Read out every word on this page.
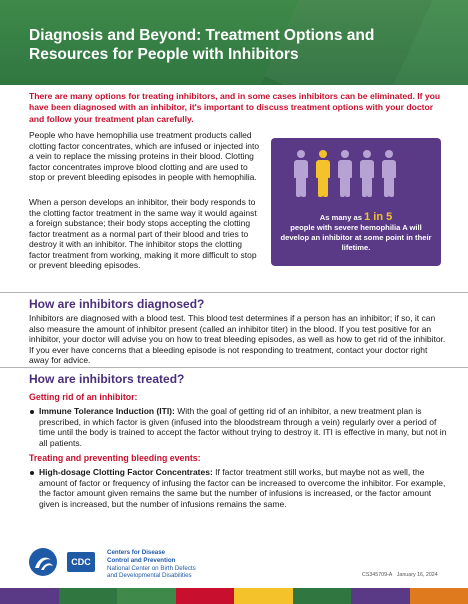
Diagnosis and Beyond: Treatment Options and Resources for People with Inhibitors

There are many options for treating inhibitors, and in some cases inhibitors can be eliminated. If you have been diagnosed with an inhibitor, it's important to discuss treatment options with your doctor and follow your treatment plan carefully.

People who have hemophilia use treatment products called clotting factor concentrates, which are infused or injected into a vein to replace the missing proteins in their blood. Clotting factor concentrates improve blood clotting and are used to stop or prevent bleeding episodes in people with hemophilia.

When a person develops an inhibitor, their body responds to the clotting factor treatment in the same way it would against a foreign substance; their body stops accepting the clotting factor treatment as a normal part of their blood and tries to destroy it with an inhibitor. The inhibitor stops the clotting factor treatment from working, making it more difficult to stop or prevent bleeding episodes.

As many as 1 in 5
people with severe hemophilia A will develop an inhibitor at some point in their lifetime.
How are inhibitors diagnosed?

Inhibitors are diagnosed with a blood test. This blood test determines if a person has an inhibitor; if so, it can also measure the amount of inhibitor present (called an inhibitor titer) in the blood. If you test positive for an inhibitor, your doctor will advise you on how to treat bleeding episodes, as well as how to get rid of the inhibitor. If you ever have concerns that a bleeding episode is not responding to treatment, contact your doctor right away for advice.

How are inhibitors treated?
Getting rid of an inhibitor:
Immune Tolerance Induction (ITI): With the goal of getting rid of an inhibitor, a new treatment plan is prescribed, in which factor is given (infused into the bloodstream through a vein) regularly over a period of time until the body is trained to accept the factor without trying to destroy it. ITI is effective in many, but not in all patients.
Treating and preventing bleeding events:
High-dosage Clotting Factor Concentrates: If factor treatment still works, but maybe not as well, the amount of factor or frequency of infusing the factor can be increased to overcome the inhibitor. For example, the factor amount given remains the same but the number of infusions is increased, or the factor amount given is increased, but the number of infusions remains the same.
CDC
Centers for Disease
Control and Prevention
National Center on Birth Defects
and Developmental Disabilities	CS345709-A January 16, 2024
